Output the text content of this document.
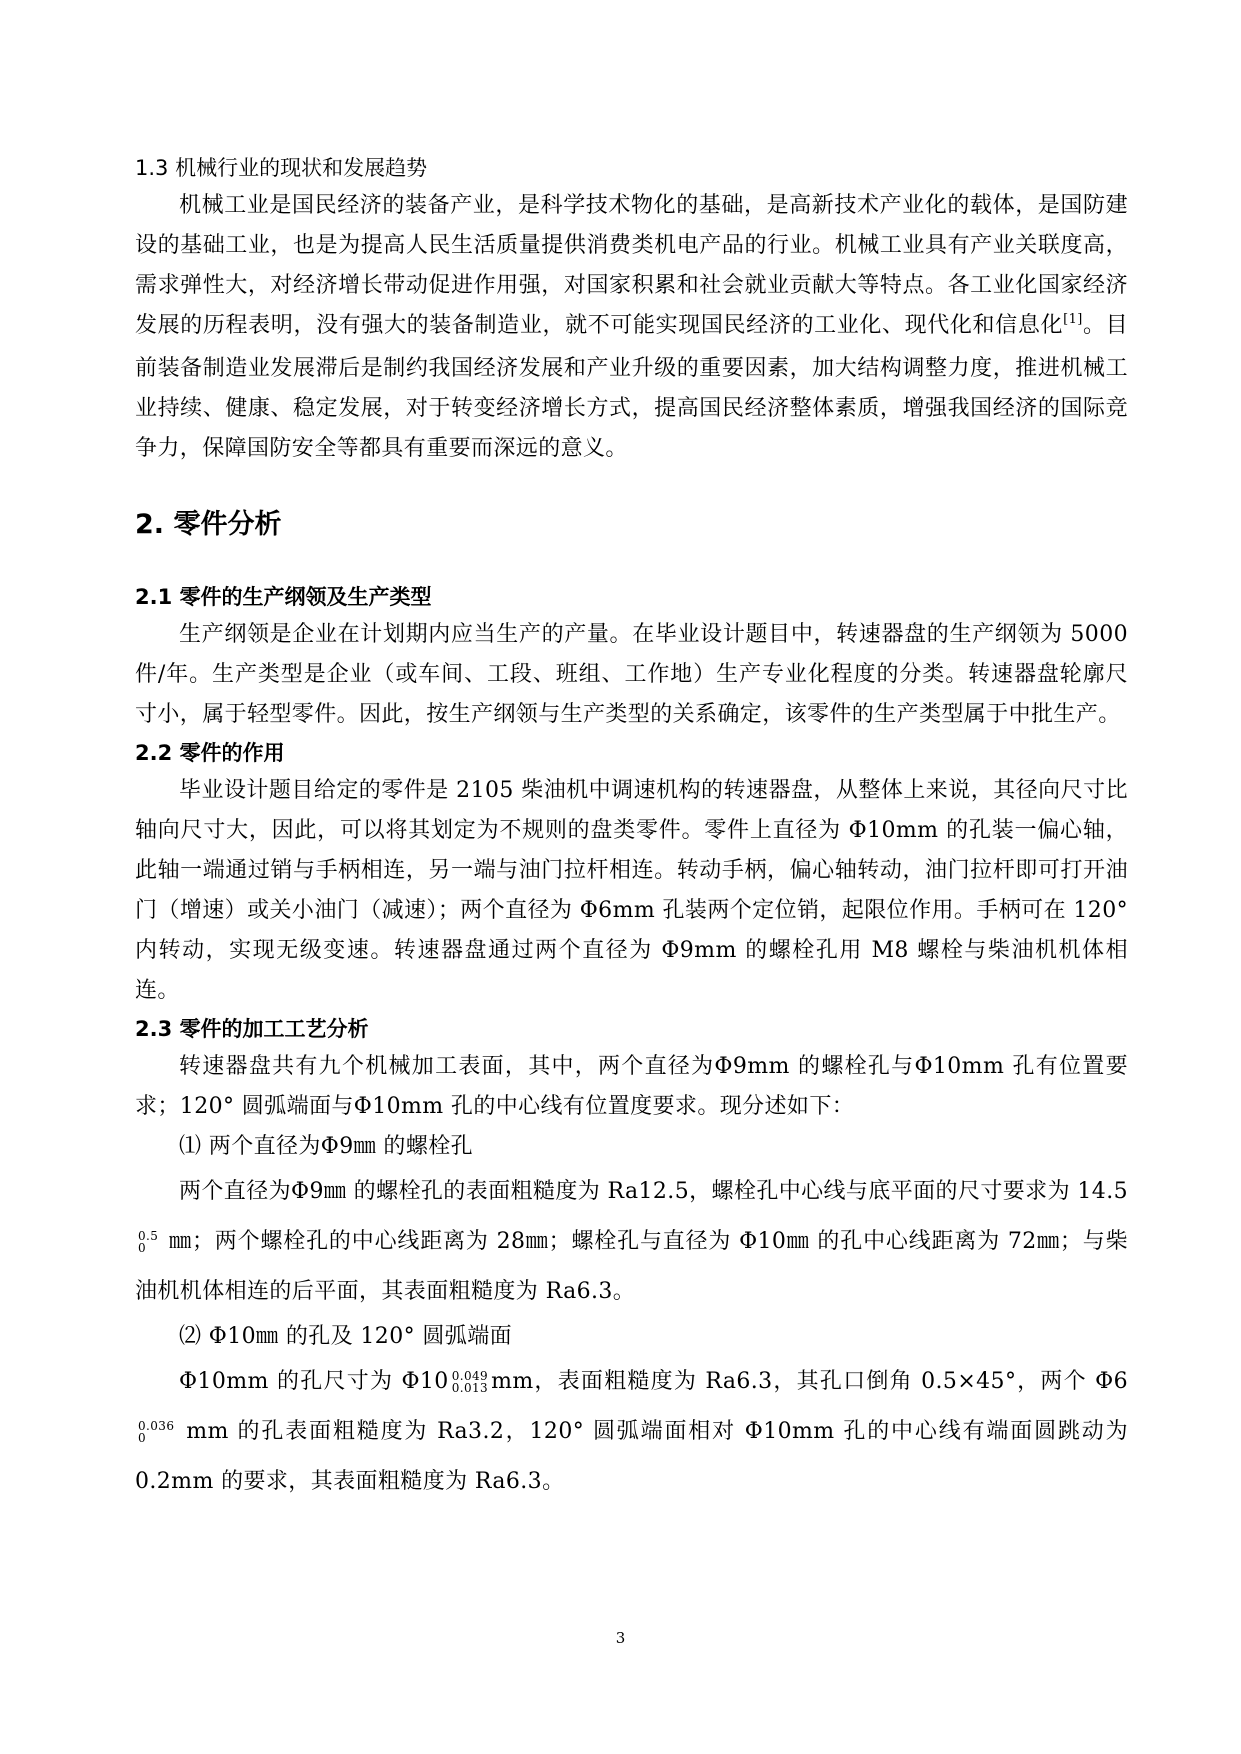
1.3 机械行业的现状和发展趋势

机械工业是国民经济的装备产业，是科学技术物化的基础，是高新技术产业化的载体，是国防建设的基础工业，也是为提高人民生活质量提供消费类机电产品的行业。机械工业具有产业关联度高，需求弹性大，对经济增长带动促进作用强，对国家积累和社会就业贡献大等特点。各工业化国家经济发展的历程表明，没有强大的装备制造业，就不可能实现国民经济的工业化、现代化和信息化[1]。目前装备制造业发展滞后是制约我国经济发展和产业升级的重要因素，加大结构调整力度，推进机械工业持续、健康、稳定发展，对于转变经济增长方式，提高国民经济整体素质，增强我国经济的国际竞争力，保障国防安全等都具有重要而深远的意义。

2. 零件分析
2.1 零件的生产纲领及生产类型

生产纲领是企业在计划期内应当生产的产量。在毕业设计题目中，转速器盘的生产纲领为 5000 件/年。生产类型是企业（或车间、工段、班组、工作地）生产专业化程度的分类。转速器盘轮廓尺寸小，属于轻型零件。因此，按生产纲领与生产类型的关系确定，该零件的生产类型属于中批生产。

2.2 零件的作用

毕业设计题目给定的零件是 2105 柴油机中调速机构的转速器盘，从整体上来说，其径向尺寸比轴向尺寸大，因此，可以将其划定为不规则的盘类零件。零件上直径为 Φ10mm 的孔装一偏心轴，此轴一端通过销与手柄相连，另一端与油门拉杆相连。转动手柄，偏心轴转动，油门拉杆即可打开油门（增速）或关小油门（减速）；两个直径为 Φ6mm 孔装两个定位销，起限位作用。手柄可在 120° 内转动，实现无级变速。转速器盘通过两个直径为 Φ9mm 的螺栓孔用 M8 螺栓与柴油机机体相连。

2.3 零件的加工工艺分析

转速器盘共有九个机械加工表面，其中，两个直径为Φ9mm 的螺栓孔与Φ10mm 孔有位置要求；120° 圆弧端面与Φ10mm 孔的中心线有位置度要求。现分述如下：

⑴ 两个直径为Φ9㎜ 的螺栓孔

两个直径为Φ9㎜ 的螺栓孔的表面粗糙度为 Ra12.5，螺栓孔中心线与底平面的尺寸要求为 14.5
0.5
0 ㎜；两个螺栓孔的中心线距离为 28㎜；螺栓孔与直径为 Φ10㎜ 的孔中心线距离为 72㎜；与柴油机机体相连的后平面，其表面粗糙度为 Ra6.3。

⑵ Φ10㎜ 的孔及 120° 圆弧端面

Φ10mm 的孔尺寸为 Φ10 0.049
0.013 mm，表面粗糙度为 Ra6.3，其孔口倒角 0.5×45°，两个 Φ6
0.036
0	mm 的孔表面粗糙度为 Ra3.2，120° 圆弧端面相对 Φ10mm 孔的中心线有端面圆跳动为0.2mm 的要求，其表面粗糙度为 Ra6.3。

3
